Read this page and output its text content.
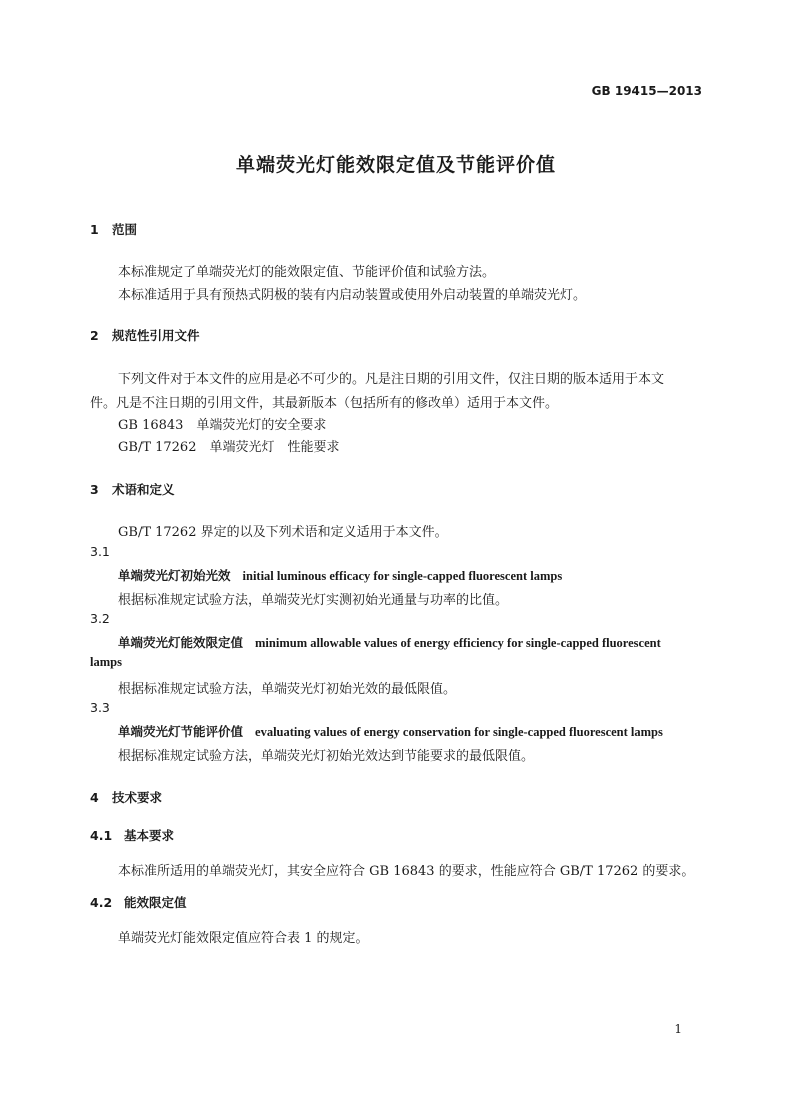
GB 19415—2013
单端荧光灯能效限定值及节能评价值
1 范围
本标准规定了单端荧光灯的能效限定值、节能评价值和试验方法。
本标准适用于具有预热式阴极的装有内启动装置或使用外启动装置的单端荧光灯。
2 规范性引用文件
下列文件对于本文件的应用是必不可少的。凡是注日期的引用文件，仅注日期的版本适用于本文
件。凡是不注日期的引用文件，其最新版本（包括所有的修改单）适用于本文件。
GB 16843　单端荧光灯的安全要求
GB/T 17262　单端荧光灯　性能要求
3 术语和定义
GB/T 17262 界定的以及下列术语和定义适用于本文件。
3.1
单端荧光灯初始光效 initial luminous efficacy for single-capped fluorescent lamps
根据标准规定试验方法，单端荧光灯实测初始光通量与功率的比值。
3.2
单端荧光灯能效限定值 minimum allowable values of energy efficiency for single-capped fluorescent
lamps
根据标准规定试验方法，单端荧光灯初始光效的最低限值。
3.3
单端荧光灯节能评价值 evaluating values of energy conservation for single-capped fluorescent lamps
根据标准规定试验方法，单端荧光灯初始光效达到节能要求的最低限值。
4 技术要求
4.1 基本要求
本标准所适用的单端荧光灯，其安全应符合 GB 16843 的要求，性能应符合 GB/T 17262 的要求。
4.2 能效限定值
单端荧光灯能效限定值应符合表 1 的规定。
1
